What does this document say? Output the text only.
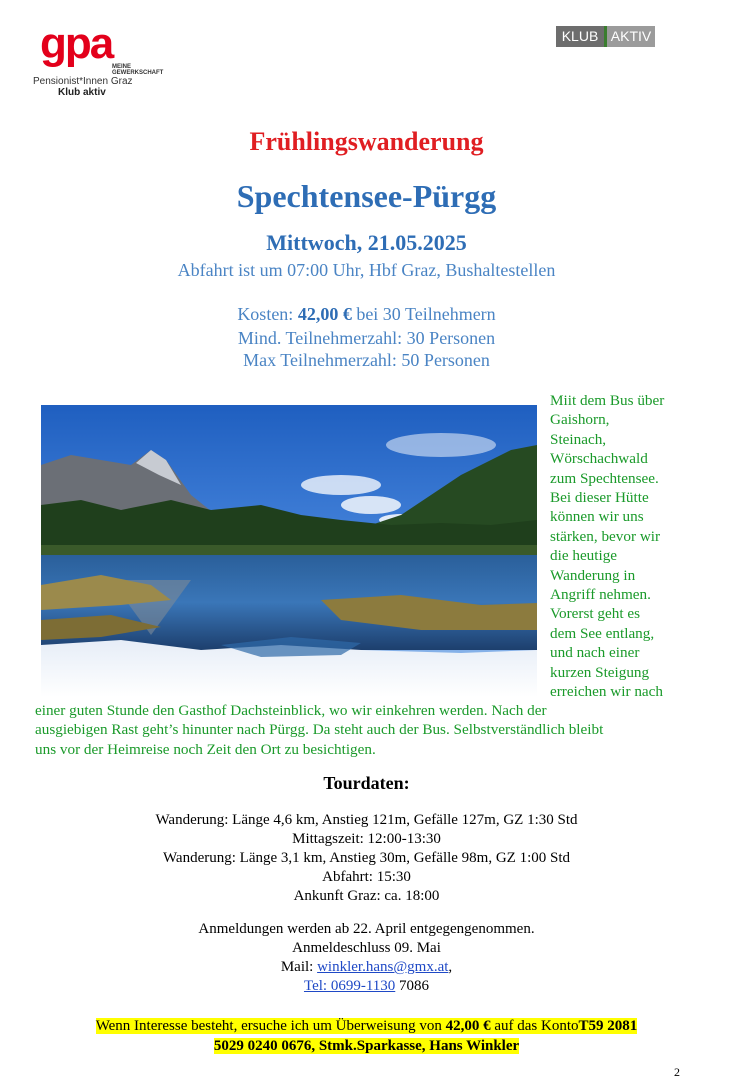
gpa MEINE
GEWERKSCHAFT
Pensionist*Innen Graz
Klub aktiv
KLUB AKTIV
Frühlingswanderung
Spechtensee-Pürgg
Mittwoch, 21.05.2025
Abfahrt ist um 07:00 Uhr, Hbf Graz, Bushaltestellen
Kosten: 42,00 € bei 30 Teilnehmern
Mind. Teilnehmerzahl: 30 Personen
Max Teilnehmerzahl: 50 Personen
Miit dem Bus über
Gaishorn,
Steinach,
Wörschachwald
zum Spechtensee.
Bei dieser Hütte
können wir uns
stärken, bevor wir
die heutige
Wanderung in
Angriff nehmen.
Vorerst geht es
dem See entlang,
und nach einer
kurzen Steigung
erreichen wir nach
einer guten Stunde den Gasthof Dachsteinblick, wo wir einkehren werden. Nach der
ausgiebigen Rast geht’s hinunter nach Pürgg. Da steht auch der Bus. Selbstverständlich bleibt
uns vor der Heimreise noch Zeit den Ort zu besichtigen.
Tourdaten:
Wanderung: Länge 4,6 km, Anstieg 121m, Gefälle 127m, GZ 1:30 Std
Mittagszeit: 12:00-13:30
Wanderung: Länge 3,1 km, Anstieg 30m, Gefälle 98m, GZ 1:00 Std
Abfahrt: 15:30
Ankunft Graz: ca. 18:00
Anmeldungen werden ab 22. April entgegengenommen.
Anmeldeschluss 09. Mai
Mail: winkler.hans@gmx.at,
Tel: 0699-1130 7086
Wenn Interesse besteht, ersuche ich um Überweisung von 42,00 € auf das KontoT59 2081
5029 0240 0676, Stmk.Sparkasse, Hans Winkler
2
